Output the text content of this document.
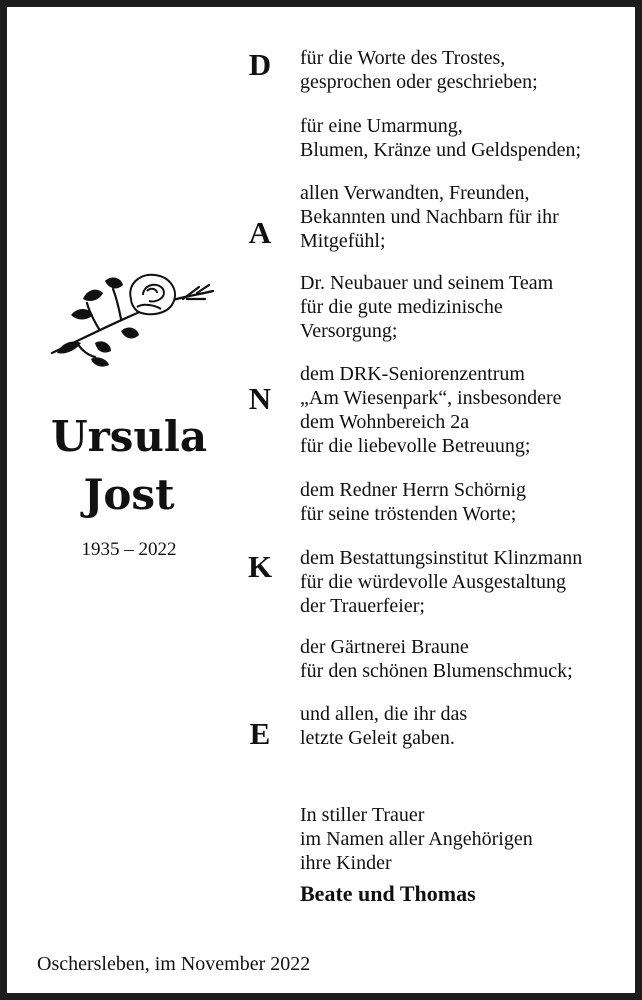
Ursula
Jost
1935 – 2022
D
A
N
K
E
für die Worte des Trostes,
gesprochen oder geschrieben;
für eine Umarmung,
Blumen, Kränze und Geldspenden;
allen Verwandten, Freunden,
Bekannten und Nachbarn für ihr
Mitgefühl;
Dr. Neubauer und seinem Team
für die gute medizinische
Versorgung;
dem DRK-Seniorenzentrum
„Am Wiesenpark“, insbesondere
dem Wohnbereich 2a
für die liebevolle Betreuung;
dem Redner Herrn Schörnig
für seine tröstenden Worte;
dem Bestattungsinstitut Klinzmann
für die würdevolle Ausgestaltung
der Trauerfeier;
der Gärtnerei Braune
für den schönen Blumenschmuck;
und allen, die ihr das
letzte Geleit gaben.
In stiller Trauer
im Namen aller Angehörigen
ihre Kinder
Beate und Thomas
Oschersleben, im November 2022
